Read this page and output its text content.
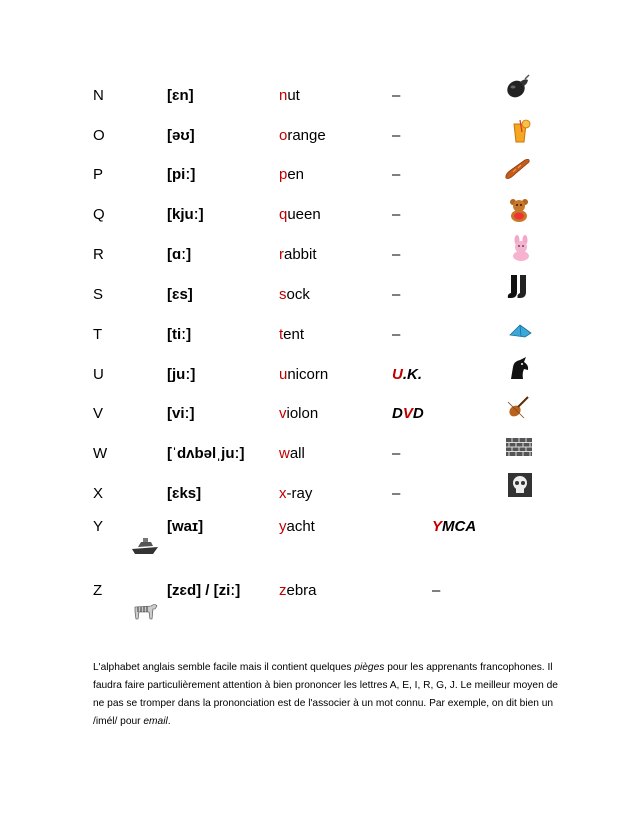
N	[ɛn]	nut	–
O	[əʊ]	orange	–
P	[piː]	pen	–
Q	[kjuː]	queen	–
R	[ɑː]	rabbit	–
S	[ɛs]	sock	–
T	[tiː]	tent	–
U	[juː]	unicorn	U.K.
V	[viː]	violon	DVD
W	[ˈdʌbəlˌjuː] wall	–
X	[ɛks]	x-ray	–
Y	[waɪ]	yacht	YMCA
Z	[zɛd] / [ziː]	zebra	–
L'alphabet anglais semble facile mais il contient quelques pièges pour les apprenants francophones. Il faudra faire particulièrement attention à bien prononcer les lettres A, E, I, R, G, J. Le meilleur moyen de ne pas se tromper dans la prononciation est de l'associer à un mot connu. Par exemple, on dit bien un /imél/ pour email.
